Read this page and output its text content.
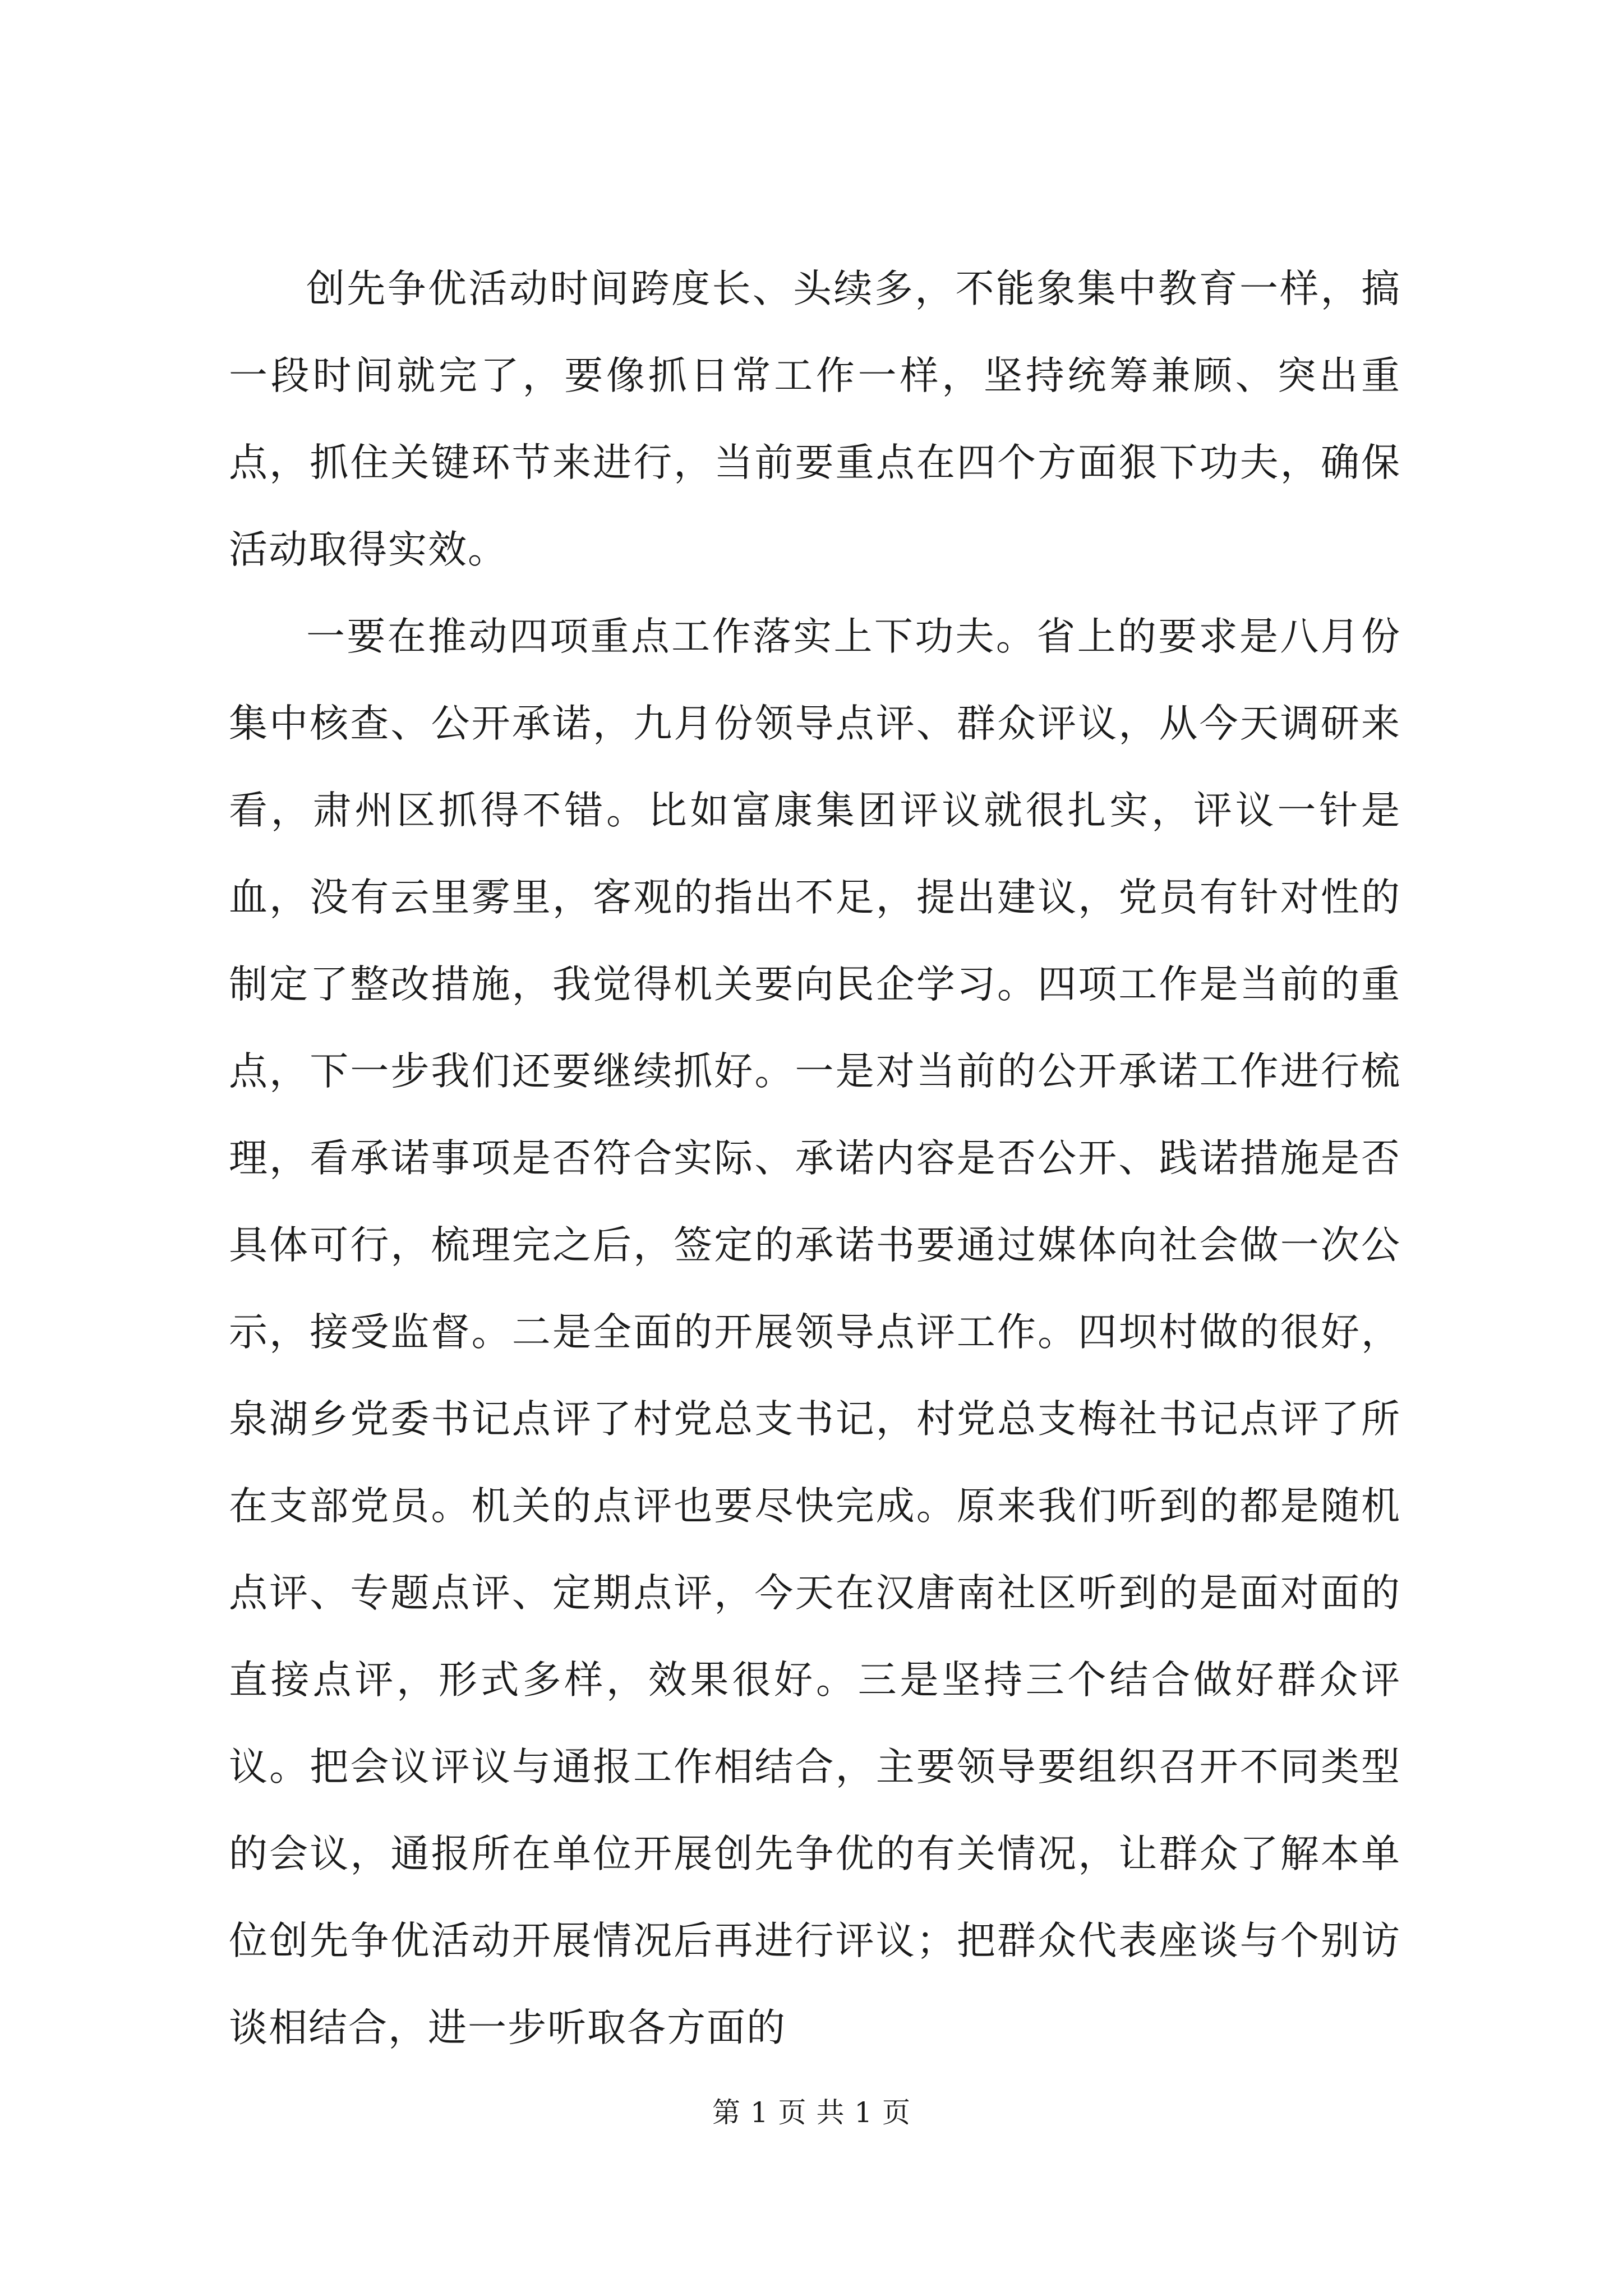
创先争优活动时间跨度长、头续多，不能象集中教育一样，搞一段时间就完了，要像抓日常工作一样，坚持统筹兼顾、突出重点，抓住关键环节来进行，当前要重点在四个方面狠下功夫，确保活动取得实效。

一要在推动四项重点工作落实上下功夫。省上的要求是八月份集中核查、公开承诺，九月份领导点评、群众评议，从今天调研来看，肃州区抓得不错。比如富康集团评议就很扎实，评议一针是血，没有云里雾里，客观的指出不足，提出建议，党员有针对性的制定了整改措施，我觉得机关要向民企学习。四项工作是当前的重点，下一步我们还要继续抓好。一是对当前的公开承诺工作进行梳理，看承诺事项是否符合实际、承诺内容是否公开、践诺措施是否具体可行，梳理完之后，签定的承诺书要通过媒体向社会做一次公示，接受监督。二是全面的开展领导点评工作。四坝村做的很好，泉湖乡党委书记点评了村党总支书记，村党总支梅社书记点评了所在支部党员。机关的点评也要尽快完成。原来我们听到的都是随机点评、专题点评、定期点评，今天在汉唐南社区听到的是面对面的直接点评，形式多样，效果很好。三是坚持三个结合做好群众评议。把会议评议与通报工作相结合，主要领导要组织召开不同类型的会议，通报所在单位开展创先争优的有关情况，让群众了解本单位创先争优活动开展情况后再进行评议；把群众代表座谈与个别访谈相结合，进一步听取各方面的

第 1 页 共 1 页
